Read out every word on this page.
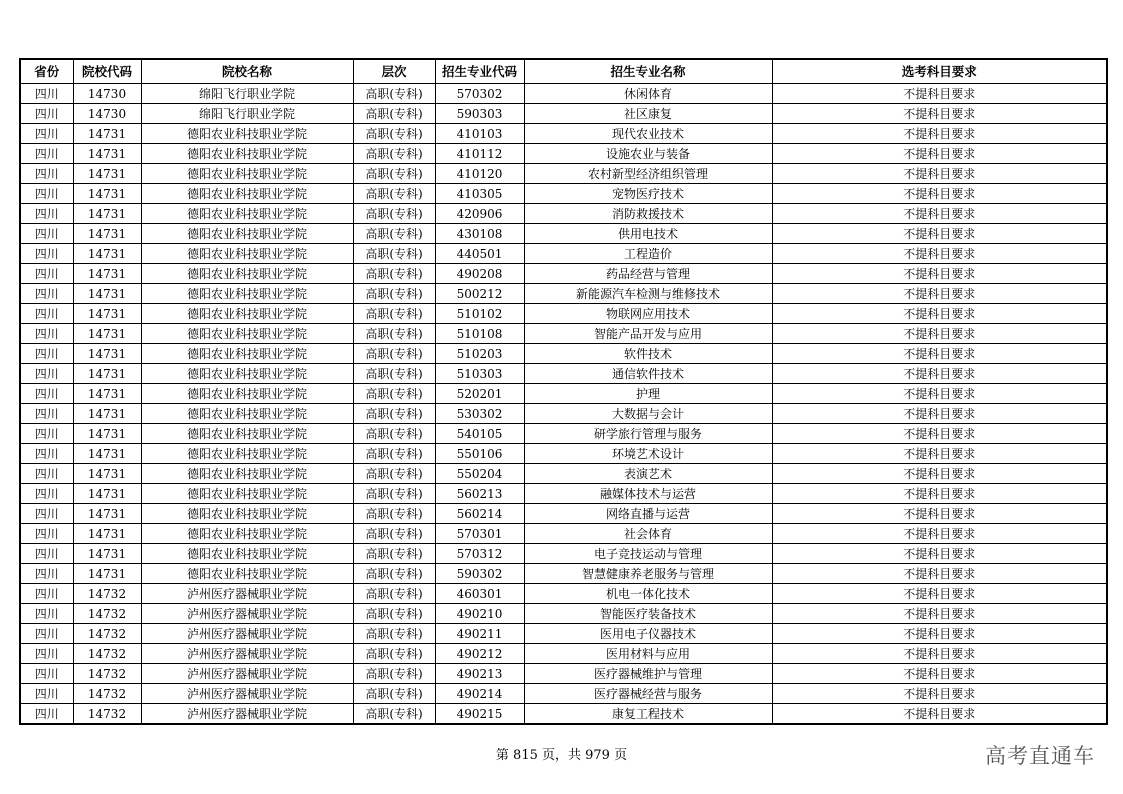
省份	院校代码	院校名称	层次	招生专业代码	招生专业名称	选考科目要求
四川	14730	绵阳飞行职业学院	高职(专科)	570302	休闲体育	不提科目要求
四川	14730	绵阳飞行职业学院	高职(专科)	590303	社区康复	不提科目要求
四川	14731	德阳农业科技职业学院	高职(专科)	410103	现代农业技术	不提科目要求
四川	14731	德阳农业科技职业学院	高职(专科)	410112	设施农业与装备	不提科目要求
四川	14731	德阳农业科技职业学院	高职(专科)	410120	农村新型经济组织管理	不提科目要求
四川	14731	德阳农业科技职业学院	高职(专科)	410305	宠物医疗技术	不提科目要求
四川	14731	德阳农业科技职业学院	高职(专科)	420906	消防救援技术	不提科目要求
四川	14731	德阳农业科技职业学院	高职(专科)	430108	供用电技术	不提科目要求
四川	14731	德阳农业科技职业学院	高职(专科)	440501	工程造价	不提科目要求
四川	14731	德阳农业科技职业学院	高职(专科)	490208	药品经营与管理	不提科目要求
四川	14731	德阳农业科技职业学院	高职(专科)	500212	新能源汽车检测与维修技术	不提科目要求
四川	14731	德阳农业科技职业学院	高职(专科)	510102	物联网应用技术	不提科目要求
四川	14731	德阳农业科技职业学院	高职(专科)	510108	智能产品开发与应用	不提科目要求
四川	14731	德阳农业科技职业学院	高职(专科)	510203	软件技术	不提科目要求
四川	14731	德阳农业科技职业学院	高职(专科)	510303	通信软件技术	不提科目要求
四川	14731	德阳农业科技职业学院	高职(专科)	520201	护理	不提科目要求
四川	14731	德阳农业科技职业学院	高职(专科)	530302	大数据与会计	不提科目要求
四川	14731	德阳农业科技职业学院	高职(专科)	540105	研学旅行管理与服务	不提科目要求
四川	14731	德阳农业科技职业学院	高职(专科)	550106	环境艺术设计	不提科目要求
四川	14731	德阳农业科技职业学院	高职(专科)	550204	表演艺术	不提科目要求
四川	14731	德阳农业科技职业学院	高职(专科)	560213	融媒体技术与运营	不提科目要求
四川	14731	德阳农业科技职业学院	高职(专科)	560214	网络直播与运营	不提科目要求
四川	14731	德阳农业科技职业学院	高职(专科)	570301	社会体育	不提科目要求
四川	14731	德阳农业科技职业学院	高职(专科)	570312	电子竞技运动与管理	不提科目要求
四川	14731	德阳农业科技职业学院	高职(专科)	590302	智慧健康养老服务与管理	不提科目要求
四川	14732	泸州医疗器械职业学院	高职(专科)	460301	机电一体化技术	不提科目要求
四川	14732	泸州医疗器械职业学院	高职(专科)	490210	智能医疗装备技术	不提科目要求
四川	14732	泸州医疗器械职业学院	高职(专科)	490211	医用电子仪器技术	不提科目要求
四川	14732	泸州医疗器械职业学院	高职(专科)	490212	医用材料与应用	不提科目要求
四川	14732	泸州医疗器械职业学院	高职(专科)	490213	医疗器械维护与管理	不提科目要求
四川	14732	泸州医疗器械职业学院	高职(专科)	490214	医疗器械经营与服务	不提科目要求
四川	14732	泸州医疗器械职业学院	高职(专科)	490215	康复工程技术	不提科目要求
第 815 页，共 979 页	高考直通车
